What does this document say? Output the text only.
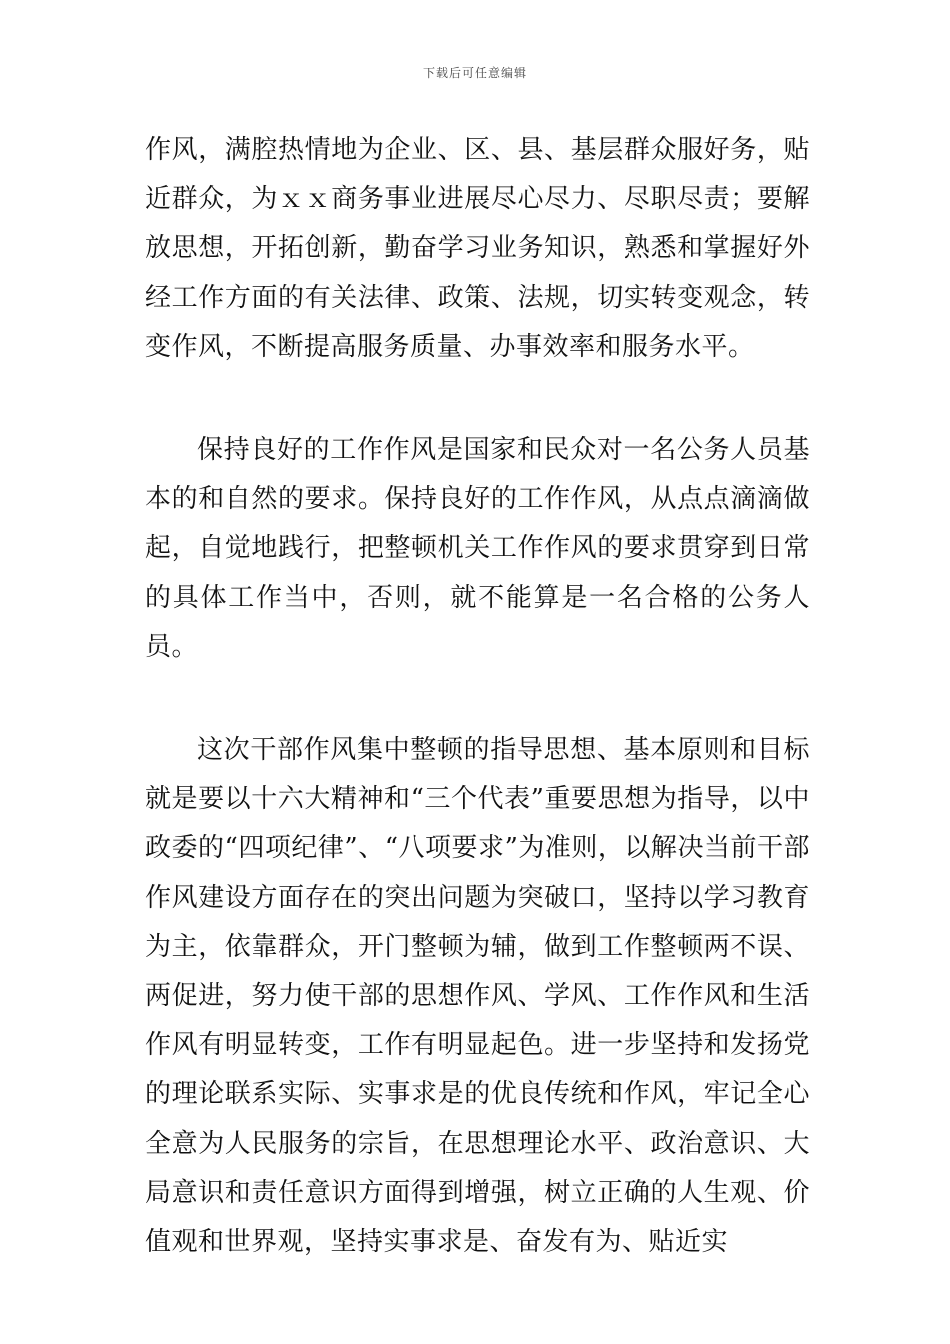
下载后可任意编辑

作风，满腔热情地为企业、区、县、基层群众服好务，贴近群众，为ｘｘ商务事业进展尽心尽力、尽职尽责；要解放思想，开拓创新，勤奋学习业务知识，熟悉和掌握好外经工作方面的有关法律、政策、法规，切实转变观念，转变作风，不断提高服务质量、办事效率和服务水平。

保持良好的工作作风是国家和民众对一名公务人员基本的和自然的要求。保持良好的工作作风，从点点滴滴做起，自觉地践行，把整顿机关工作作风的要求贯穿到日常的具体工作当中，否则，就不能算是一名合格的公务人员。

这次干部作风集中整顿的指导思想、基本原则和目标就是要以十六大精神和“三个代表”重要思想为指导，以中政委的“四项纪律”、“八项要求”为准则，以解决当前干部作风建设方面存在的突出问题为突破口，坚持以学习教育为主，依靠群众，开门整顿为辅，做到工作整顿两不误、两促进，努力使干部的思想作风、学风、工作作风和生活作风有明显转变，工作有明显起色。进一步坚持和发扬党的理论联系实际、实事求是的优良传统和作风，牢记全心全意为人民服务的宗旨，在思想理论水平、政治意识、大局意识和责任意识方面得到增强，树立正确的人生观、价值观和世界观，坚持实事求是、奋发有为、贴近实
